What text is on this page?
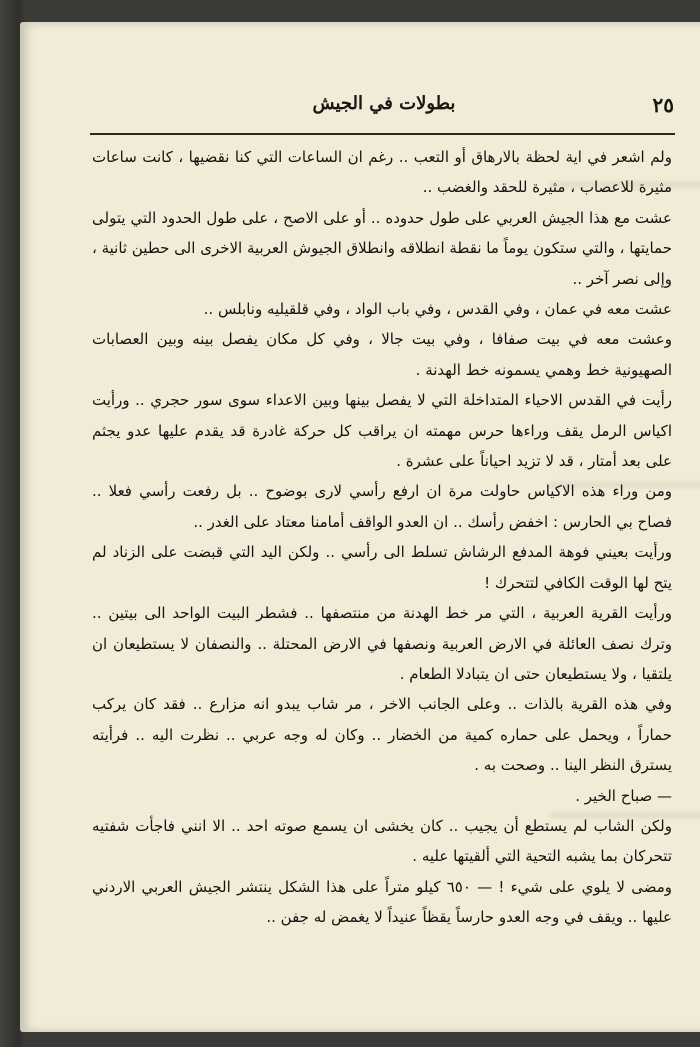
٢٥
بطولات في الجيش

ولم اشعر في اية لحظة بالارهاق أو التعب .. رغم ان الساعات التي كنا نقضيها ، كانت ساعات مثيرة للاعصاب ، مثيرة للحقد والغضب ..

عشت مع هذا الجيش العربي على طول حدوده .. أو على الاصح ، على طول الحدود التي يتولى حمايتها ، والتي ستكون يوماً ما نقطة انطلاقه وانطلاق الجيوش العربية الاخرى الى حطين ثانية ، وإلى نصر آخر ..

عشت معه في عمان ، وفي القدس ، وفي باب الواد ، وفي قلقيليه ونابلس ..

وعشت معه في بيت صفافا ، وفي بيت جالا ، وفي كل مكان يفصل بينه وبين العصابات الصهيونية خط وهمي يسمونه خط الهدنة .

رأيت في القدس الاحياء المتداخلة التي لا يفصل بينها وبين الاعداء سوى سور حجري .. ورأيت اكياس الرمل يقف وراءها حرس مهمته ان يراقب كل حركة غادرة قد يقدم عليها عدو يجثم على بعد أمتار ، قد لا تزيد احياناً على عشرة .

ومن وراء هذه الاكياس حاولت مرة ان ارفع رأسي لارى بوضوح .. بل رفعت رأسي فعلا .. فصاح بي الحارس : اخفض رأسك .. ان العدو الواقف أمامنا معتاد على الغدر ..

ورأيت بعيني فوهة المدفع الرشاش تسلط الى رأسي .. ولكن اليد التي قبضت على الزناد لم يتح لها الوقت الكافي لتتحرك !

ورأيت القرية العربية ، التي مر خط الهدنة من منتصفها .. فشطر البيت الواحد الى بيتين .. وترك نصف العائلة في الارض العربية ونصفها في الارض المحتلة .. والنصفان لا يستطيعان ان يلتقيا ، ولا يستطيعان حتى ان يتبادلا الطعام .

وفي هذه القرية بالذات .. وعلى الجانب الاخر ، مر شاب يبدو انه مزارع .. فقد كان يركب حماراً ، ويحمل على حماره كمية من الخضار .. وكان له وجه عربي .. نظرت اليه .. فرأيته يسترق النظر الينا .. وصحت به .

— صباح الخير .

ولكن الشاب لم يستطع أن يجيب .. كان يخشى ان يسمع صوته احد .. الا انني فاجأت شفتيه تتحركان بما يشبه التحية التي ألقيتها عليه .

ومضى لا يلوي على شيء ! — ٦٥٠ كيلو متراً على هذا الشكل ينتشر الجيش العربي الاردني عليها .. ويقف في وجه العدو حارساً يقظاً عنيداً لا يغمض له جفن ..
